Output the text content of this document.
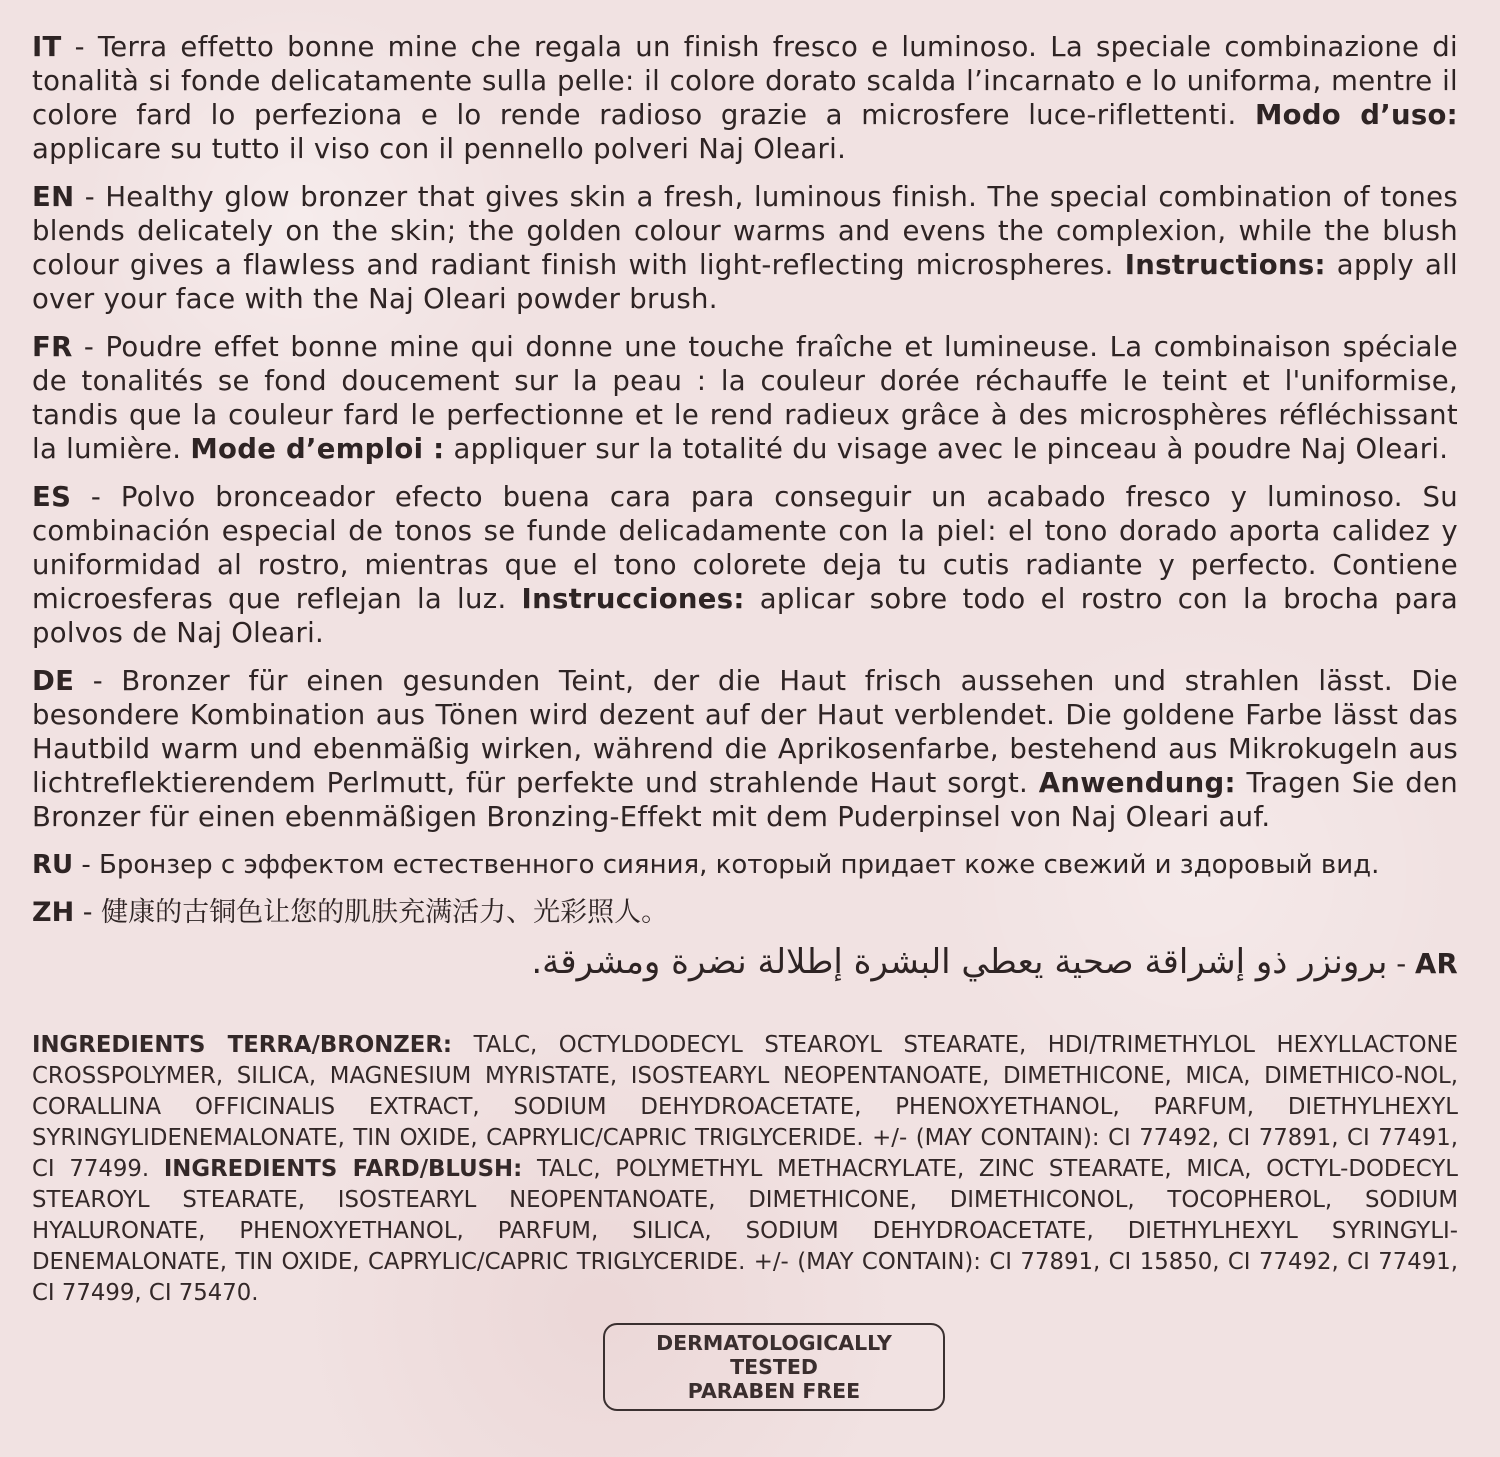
IT - Terra effetto bonne mine che regala un finish fresco e luminoso. La speciale combinazione di tonalità si fonde delicatamente sulla pelle: il colore dorato scalda l’incarnato e lo uniforma, mentre il colore fard lo perfeziona e lo rende radioso grazie a microsfere luce-riflettenti. Modo d’uso: applicare su tutto il viso con il pennello polveri Naj Oleari.

EN - Healthy glow bronzer that gives skin a fresh, luminous finish. The special combination of tones blends delicately on the skin; the golden colour warms and evens the complexion, while the blush colour gives a flawless and radiant finish with light-reflecting microspheres. Instructions: apply all over your face with the Naj Oleari powder brush.

FR - Poudre effet bonne mine qui donne une touche fraîche et lumineuse. La combinaison spéciale de tonalités se fond doucement sur la peau : la couleur dorée réchauffe le teint et l'uniformise, tandis que la couleur fard le perfectionne et le rend radieux grâce à des microsphères réfléchissant la lumière. Mode d’emploi : appliquer sur la totalité du visage avec le pinceau à poudre Naj Oleari.

ES - Polvo bronceador efecto buena cara para conseguir un acabado fresco y luminoso. Su combinación especial de tonos se funde delicadamente con la piel: el tono dorado aporta calidez y uniformidad al rostro, mientras que el tono colorete deja tu cutis radiante y perfecto. Contiene microesferas que reflejan la luz. Instrucciones: aplicar sobre todo el rostro con la brocha para polvos de Naj Oleari.

DE - Bronzer für einen gesunden Teint, der die Haut frisch aussehen und strahlen lässt. Die besondere Kombination aus Tönen wird dezent auf der Haut verblendet. Die goldene Farbe lässt das Hautbild warm und ebenmäßig wirken, während die Aprikosenfarbe, bestehend aus Mikrokugeln aus lichtreflektierendem Perlmutt, für perfekte und strahlende Haut sorgt. Anwendung: Tragen Sie den Bronzer für einen ebenmäßigen Bronzing-Effekt mit dem Puderpinsel von Naj Oleari auf.

RU - Бронзер с эффектом естественного сияния, который придает коже свежий и здоровый вид.

ZH - 健康的古铜色让您的肌肤充满活力、光彩照人。

برونزر ذو إشراقة صحية يعطي البشرة إطلالة نضرة ومشرقة. - AR

INGREDIENTS TERRA/BRONZER: TALC, OCTYLDODECYL STEAROYL STEARATE, HDI/TRIMETHYLOL HEXYLLACTONE CROSSPOLYMER, SILICA, MAGNESIUM MYRISTATE, ISOSTEARYL NEOPENTANOATE, DIMETHICONE, MICA, DIMETHICO-NOL, CORALLINA OFFICINALIS EXTRACT, SODIUM DEHYDROACETATE, PHENOXYETHANOL, PARFUM, DIETHYLHEXYL SYRINGYLIDENEMALONATE, TIN OXIDE, CAPRYLIC/CAPRIC TRIGLYCERIDE. +/- (MAY CONTAIN): CI 77492, CI 77891, CI 77491, CI 77499. INGREDIENTS FARD/BLUSH: TALC, POLYMETHYL METHACRYLATE, ZINC STEARATE, MICA, OCTYL-DODECYL STEAROYL STEARATE, ISOSTEARYL NEOPENTANOATE, DIMETHICONE, DIMETHICONOL, TOCOPHEROL, SODIUM HYALURONATE, PHENOXYETHANOL, PARFUM, SILICA, SODIUM DEHYDROACETATE, DIETHYLHEXYL SYRINGYLI-DENEMALONATE, TIN OXIDE, CAPRYLIC/CAPRIC TRIGLYCERIDE. +/- (MAY CONTAIN): CI 77891, CI 15850, CI 77492, CI 77491, CI 77499, CI 75470.
DERMATOLOGICALLY TESTED
PARABEN FREE
